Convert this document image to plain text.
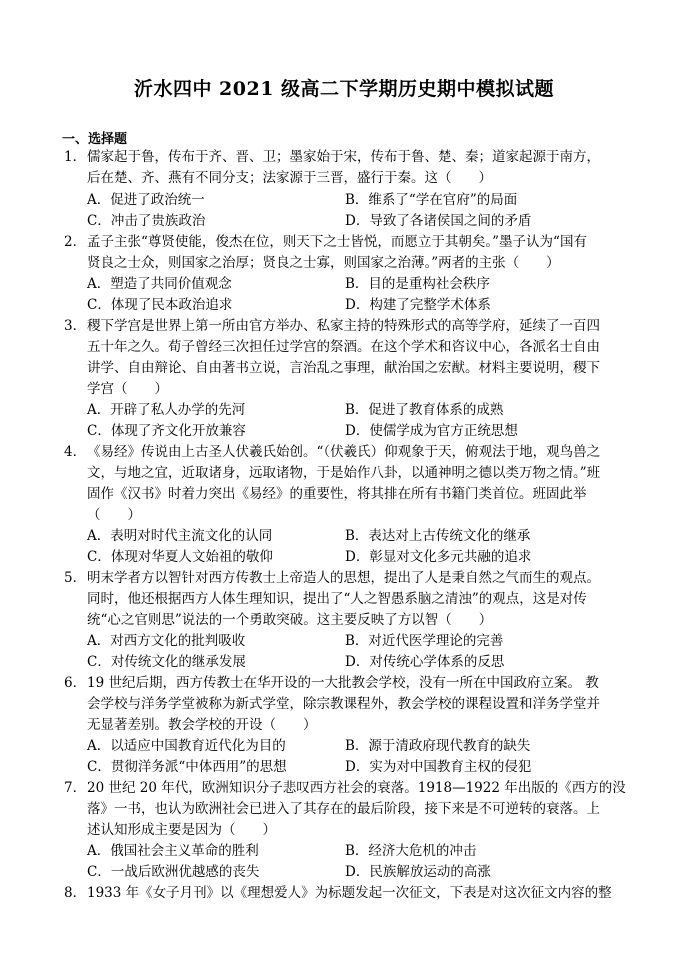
沂水四中 2021 级高二下学期历史期中模拟试题
一、选择题
1． 儒家起于鲁，传布于齐、晋、卫；墨家始于宋，传布于鲁、楚、秦；道家起源于南方，
后在楚、齐、燕有不同分支；法家源于三晋，盛行于秦。这（　　）
A．促进了政治统一	B．维系了“学在官府”的局面
C．冲击了贵族政治	D．导致了各诸侯国之间的矛盾
2． 孟子主张“尊贤使能，俊杰在位，则天下之士皆悦，而愿立于其朝矣。”墨子认为“国有
贤良之士众，则国家之治厚；贤良之士寡，则国家之治薄。”两者的主张（　　）
A．塑造了共同价值观念	B．目的是重构社会秩序
C．体现了民本政治追求	D．构建了完整学术体系
3． 稷下学宫是世界上第一所由官方举办、私家主持的特殊形式的高等学府，延续了一百四
五十年之久。荀子曾经三次担任过学宫的祭酒。在这个学术和咨议中心，各派名士自由
讲学、自由辩论、自由著书立说，言治乱之事理，献治国之宏猷。材料主要说明，稷下
学宫（　　）
A．开辟了私人办学的先河	B．促进了教育体系的成熟
C．体现了齐文化开放兼容	D．使儒学成为官方正统思想
4． 《易经》传说由上古圣人伏羲氏始创。“（伏羲氏）仰观象于天，俯观法于地，观鸟兽之
文，与地之宜，近取诸身，远取诸物，于是始作八卦，以通神明之德以类万物之情。”班
固作《汉书》时着力突出《易经》的重要性，将其排在所有书籍门类首位。班固此举
（　　）
A．表明对时代主流文化的认同	B．表达对上古传统文化的继承
C．体现对华夏人文始祖的敬仰	D．彰显对文化多元共融的追求
5． 明末学者方以智针对西方传教士上帝造人的思想，提出了人是秉自然之气而生的观点。
同时，他还根据西方人体生理知识，提出了“人之智愚系脑之清浊”的观点，这是对传
统“心之官则思”说法的一个勇敢突破。这主要反映了方以智（　　）
A．对西方文化的批判吸收	B．对近代医学理论的完善
C．对传统文化的继承发展	D．对传统心学体系的反思
6． 19 世纪后期，西方传教士在华开设的一大批教会学校，没有一所在中国政府立案。 教
会学校与洋务学堂被称为新式学堂，除宗教课程外，教会学校的课程设置和洋务学堂并
无显著差别。教会学校的开设（　　）
A．以适应中国教育近代化为目的	B．源于清政府现代教育的缺失
C．贯彻洋务派“中体西用”的思想	D．实为对中国教育主权的侵犯
7． 20 世纪 20 年代，欧洲知识分子悲叹西方社会的衰落。1918—1922 年出版的《西方的没
落》一书，也认为欧洲社会已进入了其存在的最后阶段，接下来是不可逆转的衰落。上
述认知形成主要是因为（　　）
A．俄国社会主义革命的胜利	B．经济大危机的冲击
C．一战后欧洲优越感的丧失	D．民族解放运动的高涨
8． 1933 年《女子月刊》以《理想爱人》为标题发起一次征文，下表是对这次征文内容的整
